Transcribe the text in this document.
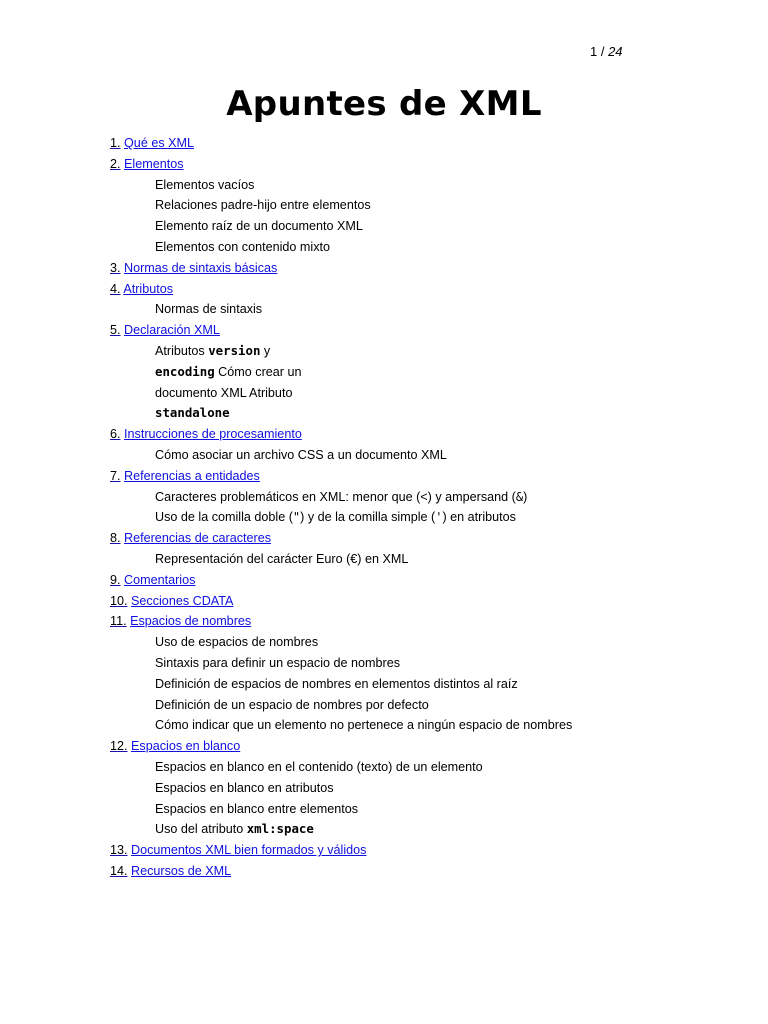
1 / 24
Apuntes de XML
1. Qué es XML
2. Elementos
Elementos vacíos
Relaciones padre-hijo entre elementos
Elemento raíz de un documento XML
Elementos con contenido mixto
3. Normas de sintaxis básicas
4. Atributos
Normas de sintaxis
5. Declaración XML
Atributos version y
encoding Cómo crear un
documento XML Atributo
standalone
6. Instrucciones de procesamiento
Cómo asociar un archivo CSS a un documento XML
7. Referencias a entidades
Caracteres problemáticos en XML: menor que (<) y ampersand (&)
Uso de la comilla doble (") y de la comilla simple (') en atributos
8. Referencias de caracteres
Representación del carácter Euro (€) en XML
9. Comentarios
10. Secciones CDATA
11. Espacios de nombres
Uso de espacios de nombres
Sintaxis para definir un espacio de nombres
Definición de espacios de nombres en elementos distintos al raíz
Definición de un espacio de nombres por defecto
Cómo indicar que un elemento no pertenece a ningún espacio de nombres
12. Espacios en blanco
Espacios en blanco en el contenido (texto) de un elemento
Espacios en blanco en atributos
Espacios en blanco entre elementos
Uso del atributo xml:space
13. Documentos XML bien formados y válidos
14. Recursos de XML
